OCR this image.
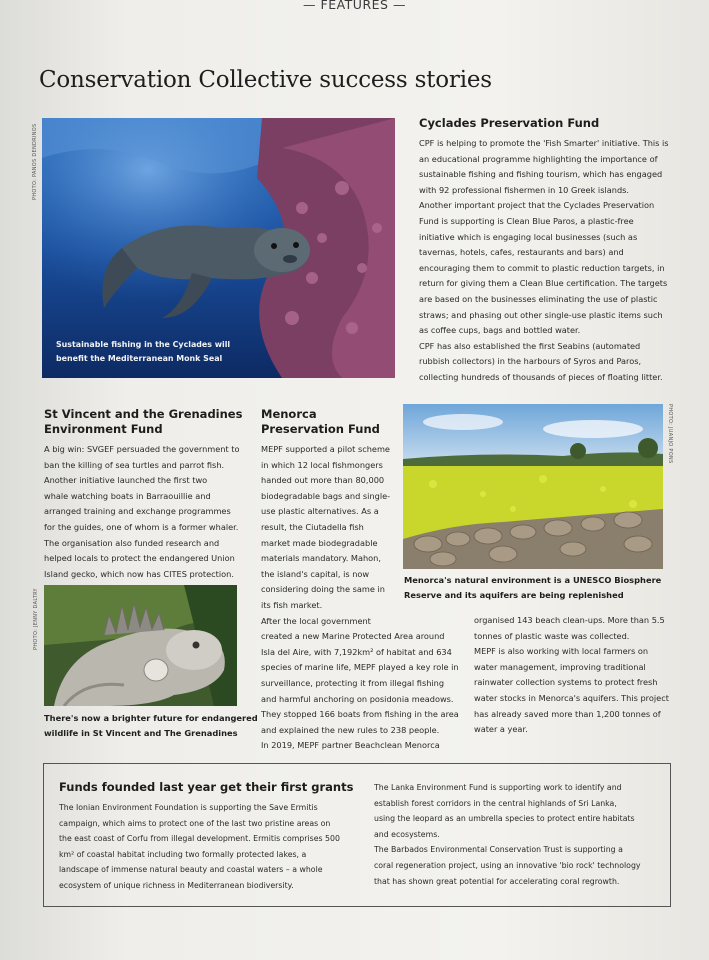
— FEATURES —
Conservation Collective success stories
PHOTO: PANOS DENDRINOS
Sustainable fishing in the Cyclades will
benefit the Mediterranean Monk Seal
Cyclades Preservation Fund
CPF is helping to promote the 'Fish Smarter' initiative. This is
an educational programme highlighting the importance of
sustainable fishing and fishing tourism, which has engaged
with 92 professional fishermen in 10 Greek islands.
Another important project that the Cyclades Preservation
Fund is supporting is Clean Blue Paros, a plastic-free
initiative which is engaging local businesses (such as
tavernas, hotels, cafes, restaurants and bars) and
encouraging them to commit to plastic reduction targets, in
return for giving them a Clean Blue certification. The targets
are based on the businesses eliminating the use of plastic
straws; and phasing out other single-use plastic items such
as coffee cups, bags and bottled water.
CPF has also established the first Seabins (automated
rubbish collectors) in the harbours of Syros and Paros,
collecting hundreds of thousands of pieces of floating litter.
St Vincent and the Grenadines
Environment Fund
A big win: SVGEF persuaded the government to
ban the killing of sea turtles and parrot fish.
Another initiative launched the first two
whale watching boats in Barraouillie and
arranged training and exchange programmes
for the guides, one of whom is a former whaler.
The organisation also funded research and
helped locals to protect the endangered Union
Island gecko, which now has CITES protection.
PHOTO: JENNY DALTRY
There's now a brighter future for endangered
wildlife in St Vincent and The Grenadines
Menorca
Preservation Fund
MEPF supported a pilot scheme
in which 12 local fishmongers
handed out more than 80,000
biodegradable bags and single-
use plastic alternatives. As a
result, the Ciutadella fish
market made biodegradable
materials mandatory. Mahon,
the island's capital, is now
considering doing the same in
its fish market.
After the local government
created a new Marine Protected Area around
Isla del Aire, with 7,192km² of habitat and 634
species of marine life, MEPF played a key role in
surveillance, protecting it from illegal fishing
and harmful anchoring on posidonia meadows.
They stopped 166 boats from fishing in the area
and explained the new rules to 238 people.
In 2019, MEPF partner Beachclean Menorca
PHOTO: JUANJO PONS
Menorca's natural environment is a UNESCO Biosphere
Reserve and its aquifers are being replenished
organised 143 beach clean-ups. More than 5.5
tonnes of plastic waste was collected.
MEPF is also working with local farmers on
water management, improving traditional
rainwater collection systems to protect fresh
water stocks in Menorca's aquifers. This project
has already saved more than 1,200 tonnes of
water a year.
Funds founded last year get their first grants
The Ionian Environment Foundation is supporting the Save Ermitis
campaign, which aims to protect one of the last two pristine areas on
the east coast of Corfu from illegal development. Ermitis comprises 500
km² of coastal habitat including two formally protected lakes, a
landscape of immense natural beauty and coastal waters – a whole
ecosystem of unique richness in Mediterranean biodiversity.
The Lanka Environment Fund is supporting work to identify and
establish forest corridors in the central highlands of Sri Lanka,
using the leopard as an umbrella species to protect entire habitats
and ecosystems.
The Barbados Environmental Conservation Trust is supporting a
coral regeneration project, using an innovative 'bio rock' technology
that has shown great potential for accelerating coral regrowth.
